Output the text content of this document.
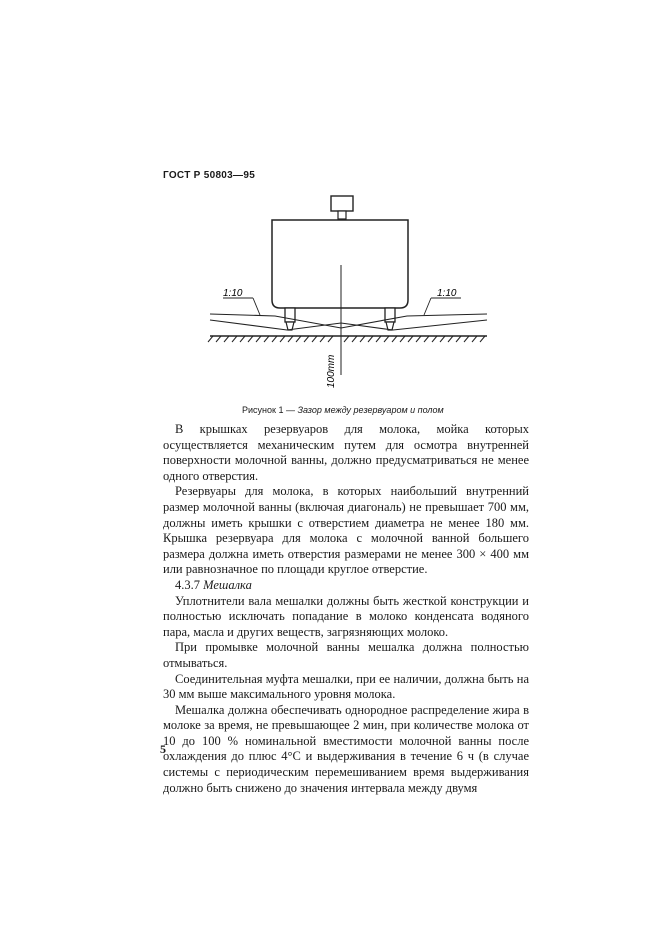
ГОСТ Р 50803—95
1:10	1:10
100mm
Рисунок 1 — Зазор между резервуаром и полом

В крышках резервуаров для молока, мойка которых осуществляется механическим путем для осмотра внутренней поверхности молочной ванны, должно предусматриваться не менее одного отверстия.

Резервуары для молока, в которых наибольший внутренний размер молочной ванны (включая диагональ) не превышает 700 мм, должны иметь крышки с отверстием диаметра не менее 180 мм. Крышка резервуара для молока с молочной ванной большего размера должна иметь отверстия размерами не менее 300 × 400 мм или равнозначное по площади круглое отверстие.

4.3.7 Мешалка

Уплотнители вала мешалки должны быть жесткой конструкции и полностью исключать попадание в молоко конденсата водяного пара, масла и других веществ, загрязняющих молоко.

При промывке молочной ванны мешалка должна полностью отмываться.

Соединительная муфта мешалки, при ее наличии, должна быть на 30 мм выше максимального уровня молока.

Мешалка должна обеспечивать однородное распределение жира в молоке за время, не превышающее 2 мин, при количестве молока от 10 до 100 % номинальной вместимости молочной ванны после охлаждения до плюс 4°C и выдерживания в течение 6 ч (в случае системы с периодическим перемешиванием время выдерживания должно быть снижено до значения интервала между двумя

5
